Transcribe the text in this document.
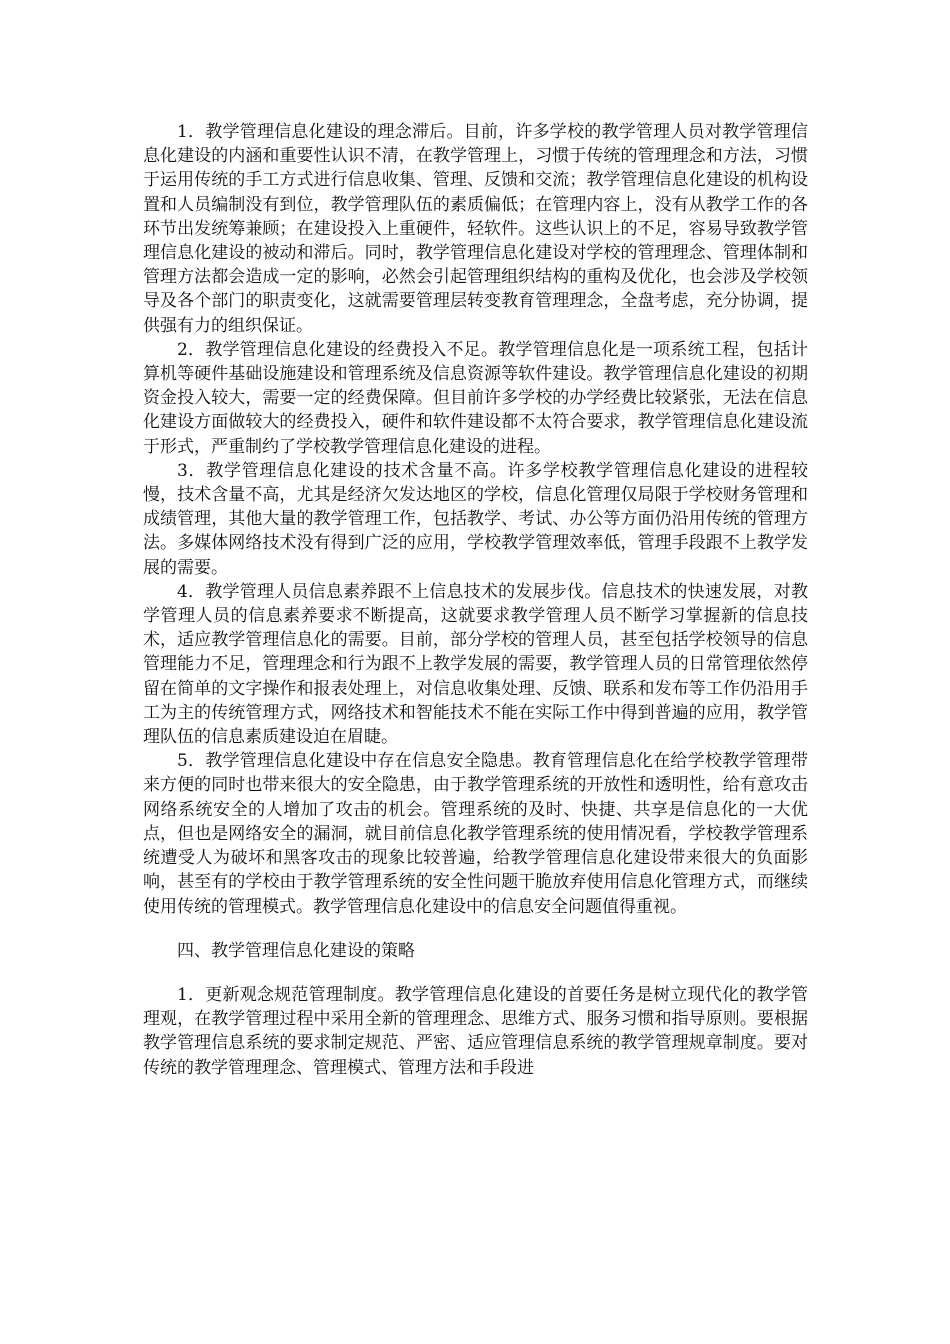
1．教学管理信息化建设的理念滞后。目前，许多学校的教学管理人员对教学管理信息化建设的内涵和重要性认识不清，在教学管理上，习惯于传统的管理理念和方法，习惯于运用传统的手工方式进行信息收集、管理、反馈和交流；教学管理信息化建设的机构设置和人员编制没有到位，教学管理队伍的素质偏低；在管理内容上，没有从教学工作的各环节出发统筹兼顾；在建设投入上重硬件，轻软件。这些认识上的不足，容易导致教学管理信息化建设的被动和滞后。同时，教学管理信息化建设对学校的管理理念、管理体制和管理方法都会造成一定的影响，必然会引起管理组织结构的重构及优化，也会涉及学校领导及各个部门的职责变化，这就需要管理层转变教育管理理念，全盘考虑，充分协调，提供强有力的组织保证。

2．教学管理信息化建设的经费投入不足。教学管理信息化是一项系统工程，包括计算机等硬件基础设施建设和管理系统及信息资源等软件建设。教学管理信息化建设的初期资金投入较大，需要一定的经费保障。但目前许多学校的办学经费比较紧张，无法在信息化建设方面做较大的经费投入，硬件和软件建设都不太符合要求，教学管理信息化建设流于形式，严重制约了学校教学管理信息化建设的进程。

3．教学管理信息化建设的技术含量不高。许多学校教学管理信息化建设的进程较慢，技术含量不高，尤其是经济欠发达地区的学校，信息化管理仅局限于学校财务管理和成绩管理，其他大量的教学管理工作，包括教学、考试、办公等方面仍沿用传统的管理方法。多媒体网络技术没有得到广泛的应用，学校教学管理效率低，管理手段跟不上教学发展的需要。

4．教学管理人员信息素养跟不上信息技术的发展步伐。信息技术的快速发展，对教学管理人员的信息素养要求不断提高，这就要求教学管理人员不断学习掌握新的信息技术，适应教学管理信息化的需要。目前，部分学校的管理人员，甚至包括学校领导的信息管理能力不足，管理理念和行为跟不上教学发展的需要，教学管理人员的日常管理依然停留在简单的文字操作和报表处理上，对信息收集处理、反馈、联系和发布等工作仍沿用手工为主的传统管理方式，网络技术和智能技术不能在实际工作中得到普遍的应用，教学管理队伍的信息素质建设迫在眉睫。

5．教学管理信息化建设中存在信息安全隐患。教育管理信息化在给学校教学管理带来方便的同时也带来很大的安全隐患，由于教学管理系统的开放性和透明性，给有意攻击网络系统安全的人增加了攻击的机会。管理系统的及时、快捷、共享是信息化的一大优点，但也是网络安全的漏洞，就目前信息化教学管理系统的使用情况看，学校教学管理系统遭受人为破坏和黑客攻击的现象比较普遍，给教学管理信息化建设带来很大的负面影响，甚至有的学校由于教学管理系统的安全性问题干脆放弃使用信息化管理方式，而继续使用传统的管理模式。教学管理信息化建设中的信息安全问题值得重视。

四、教学管理信息化建设的策略

1．更新观念规范管理制度。教学管理信息化建设的首要任务是树立现代化的教学管理观，在教学管理过程中采用全新的管理理念、思维方式、服务习惯和指导原则。要根据教学管理信息系统的要求制定规范、严密、适应管理信息系统的教学管理规章制度。要对传统的教学管理理念、管理模式、管理方法和手段进
